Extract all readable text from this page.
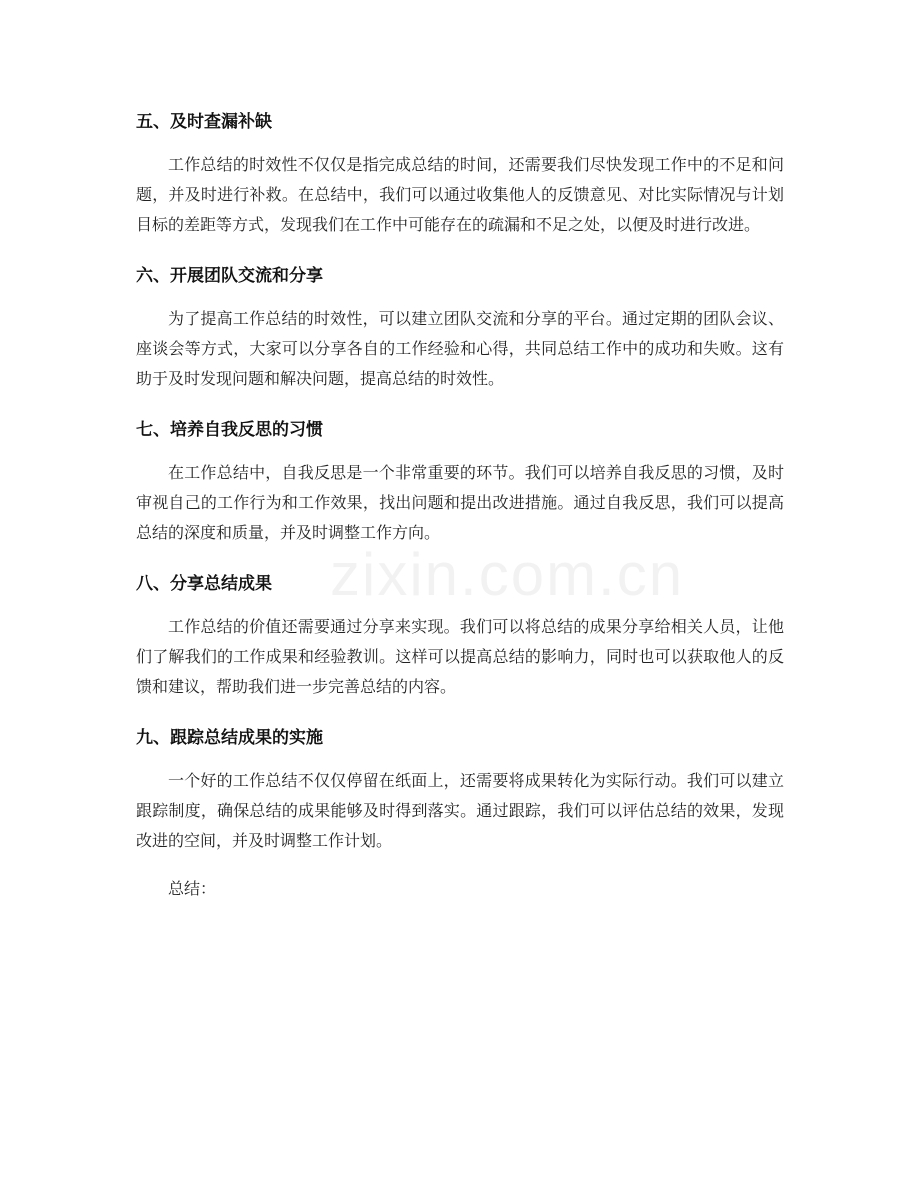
五、及时查漏补缺

工作总结的时效性不仅仅是指完成总结的时间，还需要我们尽快发现工作中的不足和问题，并及时进行补救。在总结中，我们可以通过收集他人的反馈意见、对比实际情况与计划目标的差距等方式，发现我们在工作中可能存在的疏漏和不足之处，以便及时进行改进。

六、开展团队交流和分享

为了提高工作总结的时效性，可以建立团队交流和分享的平台。通过定期的团队会议、座谈会等方式，大家可以分享各自的工作经验和心得，共同总结工作中的成功和失败。这有助于及时发现问题和解决问题，提高总结的时效性。

七、培养自我反思的习惯

在工作总结中，自我反思是一个非常重要的环节。我们可以培养自我反思的习惯，及时审视自己的工作行为和工作效果，找出问题和提出改进措施。通过自我反思，我们可以提高总结的深度和质量，并及时调整工作方向。

八、分享总结成果

工作总结的价值还需要通过分享来实现。我们可以将总结的成果分享给相关人员，让他们了解我们的工作成果和经验教训。这样可以提高总结的影响力，同时也可以获取他人的反馈和建议，帮助我们进一步完善总结的内容。

九、跟踪总结成果的实施

一个好的工作总结不仅仅停留在纸面上，还需要将成果转化为实际行动。我们可以建立跟踪制度，确保总结的成果能够及时得到落实。通过跟踪，我们可以评估总结的效果，发现改进的空间，并及时调整工作计划。

总结：

zixin.com.cn
